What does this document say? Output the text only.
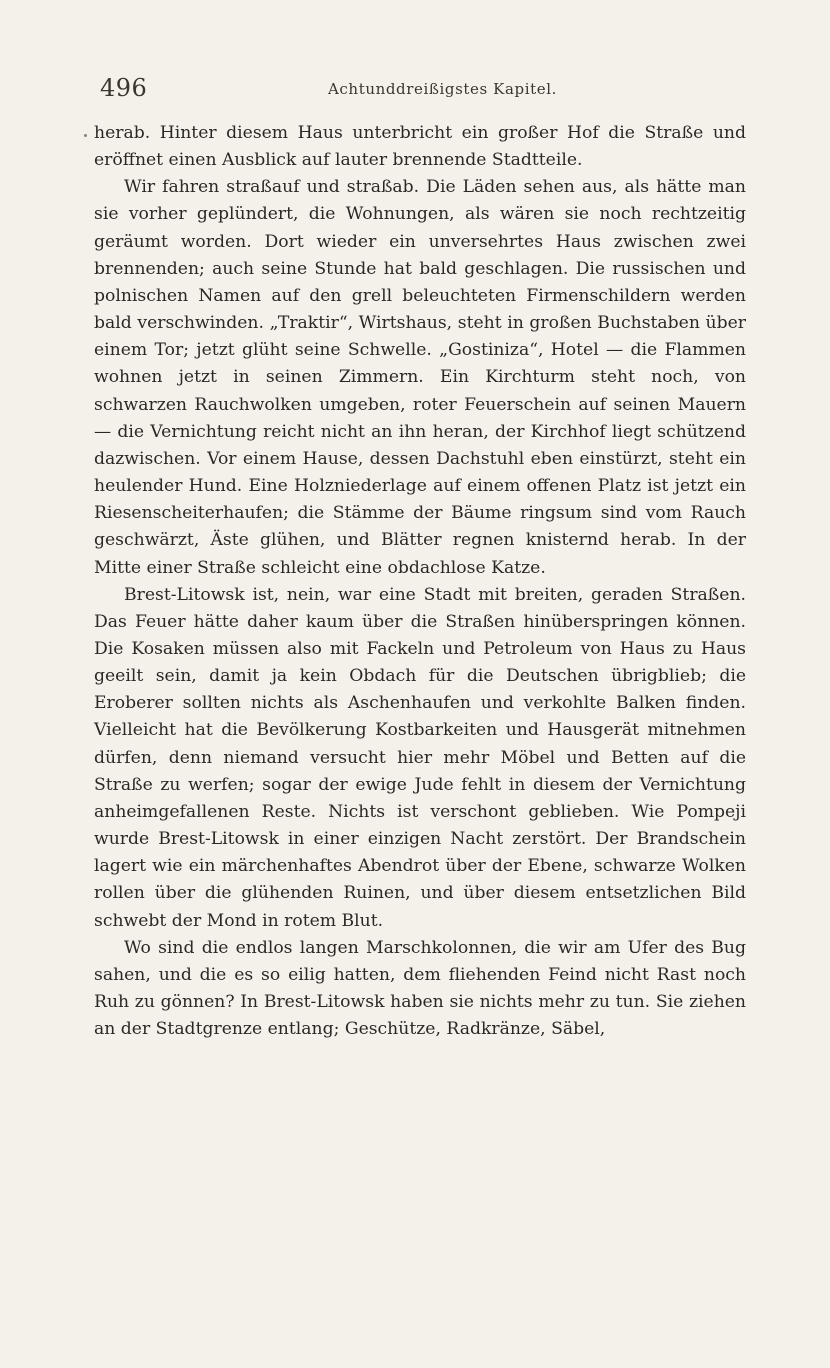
496	Achtunddreißigstes Kapitel.

herab. Hinter diesem Haus unterbricht ein großer Hof die Straße und eröffnet einen Ausblick auf lauter brennende Stadtteile.

Wir fahren straßauf und straßab. Die Läden sehen aus, als hätte man sie vorher geplündert, die Wohnungen, als wären sie noch rechtzeitig geräumt worden. Dort wieder ein unversehrtes Haus zwischen zwei brennenden; auch seine Stunde hat bald geschlagen. Die russischen und polnischen Namen auf den grell beleuchteten Firmenschildern werden bald verschwinden. „Traktir“, Wirtshaus, steht in großen Buchstaben über einem Tor; jetzt glüht seine Schwelle. „Gostiniza“, Hotel — die Flammen wohnen jetzt in seinen Zimmern. Ein Kirchturm steht noch, von schwarzen Rauchwolken umgeben, roter Feuerschein auf seinen Mauern — die Vernichtung reicht nicht an ihn heran, der Kirchhof liegt schützend dazwischen. Vor einem Hause, dessen Dachstuhl eben einstürzt, steht ein heulender Hund. Eine Holzniederlage auf einem offenen Platz ist jetzt ein Riesenscheiterhaufen; die Stämme der Bäume ringsum sind vom Rauch geschwärzt, Äste glühen, und Blätter regnen knisternd herab. In der Mitte einer Straße schleicht eine obdachlose Katze.

Brest-Litowsk ist, nein, war eine Stadt mit breiten, geraden Straßen. Das Feuer hätte daher kaum über die Straßen hinüberspringen können. Die Kosaken müssen also mit Fackeln und Petroleum von Haus zu Haus geeilt sein, damit ja kein Obdach für die Deutschen übrigblieb; die Eroberer sollten nichts als Aschenhaufen und verkohlte Balken finden. Vielleicht hat die Bevölkerung Kostbarkeiten und Hausgerät mitnehmen dürfen, denn niemand versucht hier mehr Möbel und Betten auf die Straße zu werfen; sogar der ewige Jude fehlt in diesem der Vernichtung anheimgefallenen Reste. Nichts ist verschont geblieben. Wie Pompeji wurde Brest-Litowsk in einer einzigen Nacht zerstört. Der Brandschein lagert wie ein märchenhaftes Abendrot über der Ebene, schwarze Wolken rollen über die glühenden Ruinen, und über diesem entsetzlichen Bild schwebt der Mond in rotem Blut.

Wo sind die endlos langen Marschkolonnen, die wir am Ufer des Bug sahen, und die es so eilig hatten, dem fliehenden Feind nicht Rast noch Ruh zu gönnen? In Brest-Litowsk haben sie nichts mehr zu tun. Sie ziehen an der Stadtgrenze entlang; Geschütze, Radkränze, Säbel,
